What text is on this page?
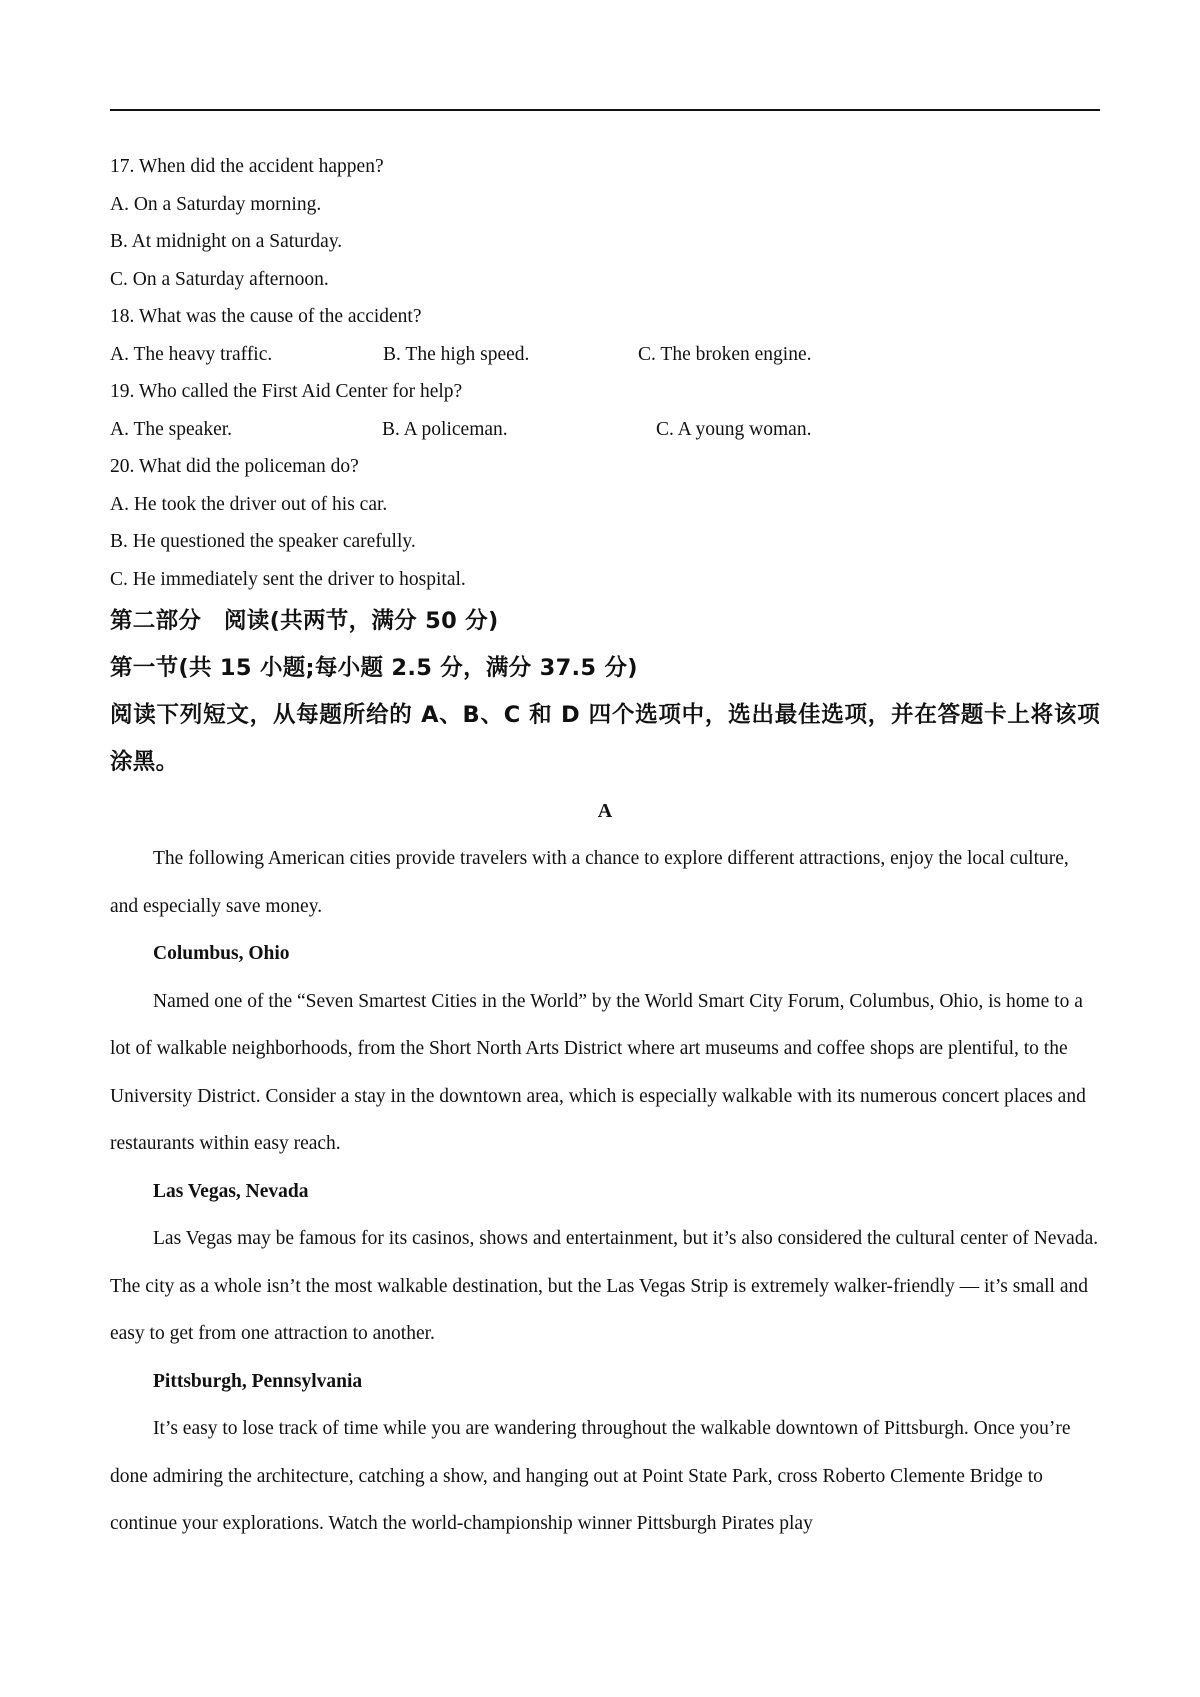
17. When did the accident happen?
A. On a Saturday morning.
B. At midnight on a Saturday.
C. On a Saturday afternoon.
18. What was the cause of the accident?
A. The heavy traffic.	B. The high speed.	C. The broken engine.
19. Who called the First Aid Center for help?
A. The speaker.	B. A policeman.	C. A young woman.
20. What did the policeman do?
A. He took the driver out of his car.
B. He questioned the speaker carefully.
C. He immediately sent the driver to hospital.
第二部分　阅读(共两节，满分 50 分)
第一节(共 15 小题;每小题 2.5 分，满分 37.5 分)
阅读下列短文，从每题所给的 A、B、C 和 D 四个选项中，选出最佳选项，并在答题卡上将该项涂黑。
A

The following American cities provide travelers with a chance to explore different attractions, enjoy the local culture, and especially save money.

Columbus, Ohio

Named one of the “Seven Smartest Cities in the World” by the World Smart City Forum, Columbus, Ohio, is home to a lot of walkable neighborhoods, from the Short North Arts District where art museums and coffee shops are plentiful, to the University District. Consider a stay in the downtown area, which is especially walkable with its numerous concert places and restaurants within easy reach.

Las Vegas, Nevada

Las Vegas may be famous for its casinos, shows and entertainment, but it’s also considered the cultural center of Nevada. The city as a whole isn’t the most walkable destination, but the Las Vegas Strip is extremely walker-friendly — it’s small and easy to get from one attraction to another.

Pittsburgh, Pennsylvania

It’s easy to lose track of time while you are wandering throughout the walkable downtown of Pittsburgh. Once you’re done admiring the architecture, catching a show, and hanging out at Point State Park, cross Roberto Clemente Bridge to continue your explorations. Watch the world-championship winner Pittsburgh Pirates play
